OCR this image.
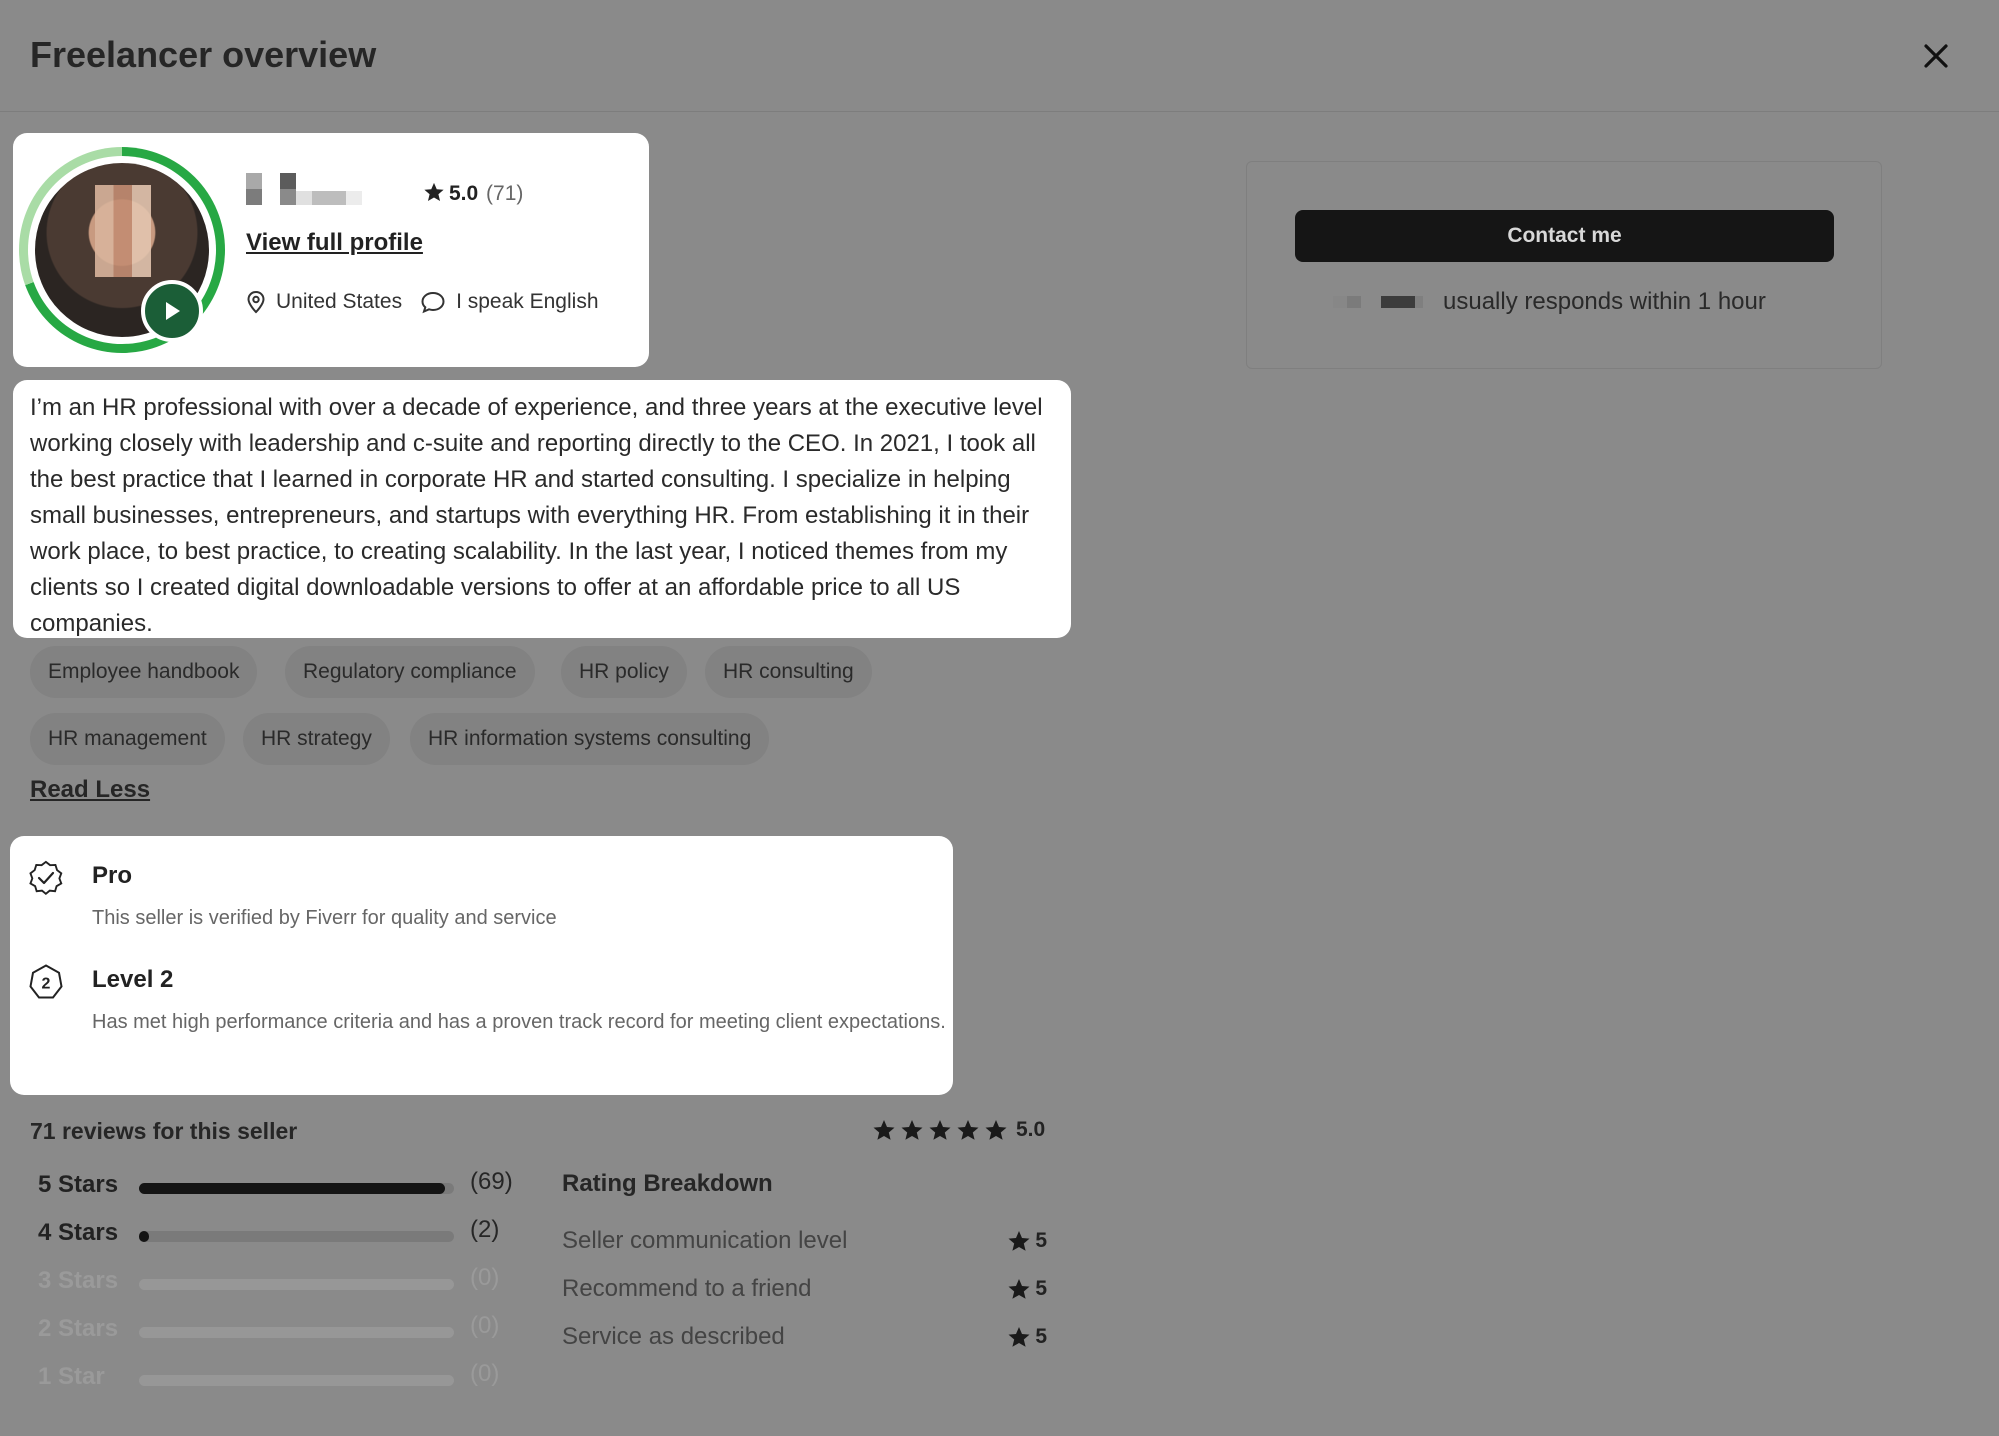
Freelancer overview
5.0 (71)
View full profile
United States	I speak English
I’m an HR professional with over a decade of experience, and three years at the executive level working closely with leadership and c-suite and reporting directly to the CEO. In 2021, I took all the best practice that I learned in corporate HR and started consulting. I specialize in helping small businesses, entrepreneurs, and startups with everything HR. From establishing it in their work place, to best practice, to creating scalability. In the last year, I noticed themes from my clients so I created digital downloadable versions to offer at an affordable price to all US companies.
Employee handbook	Regulatory compliance	HR policy	HR consulting
HR management	HR strategy	HR information systems consulting
Read Less
Pro
This seller is verified by Fiverr for quality and service
2 Level 2
Has met high performance criteria and has a proven track record for meeting client expectations.
71 reviews for this seller	5.0
5 Stars	(69)
4 Stars	(2)
3 Stars	(0)
2 Stars	(0)
1 Star	(0)
Rating Breakdown
Seller communication level	5
Recommend to a friend	5
Service as described	5
Contact me
usually responds within 1 hour
